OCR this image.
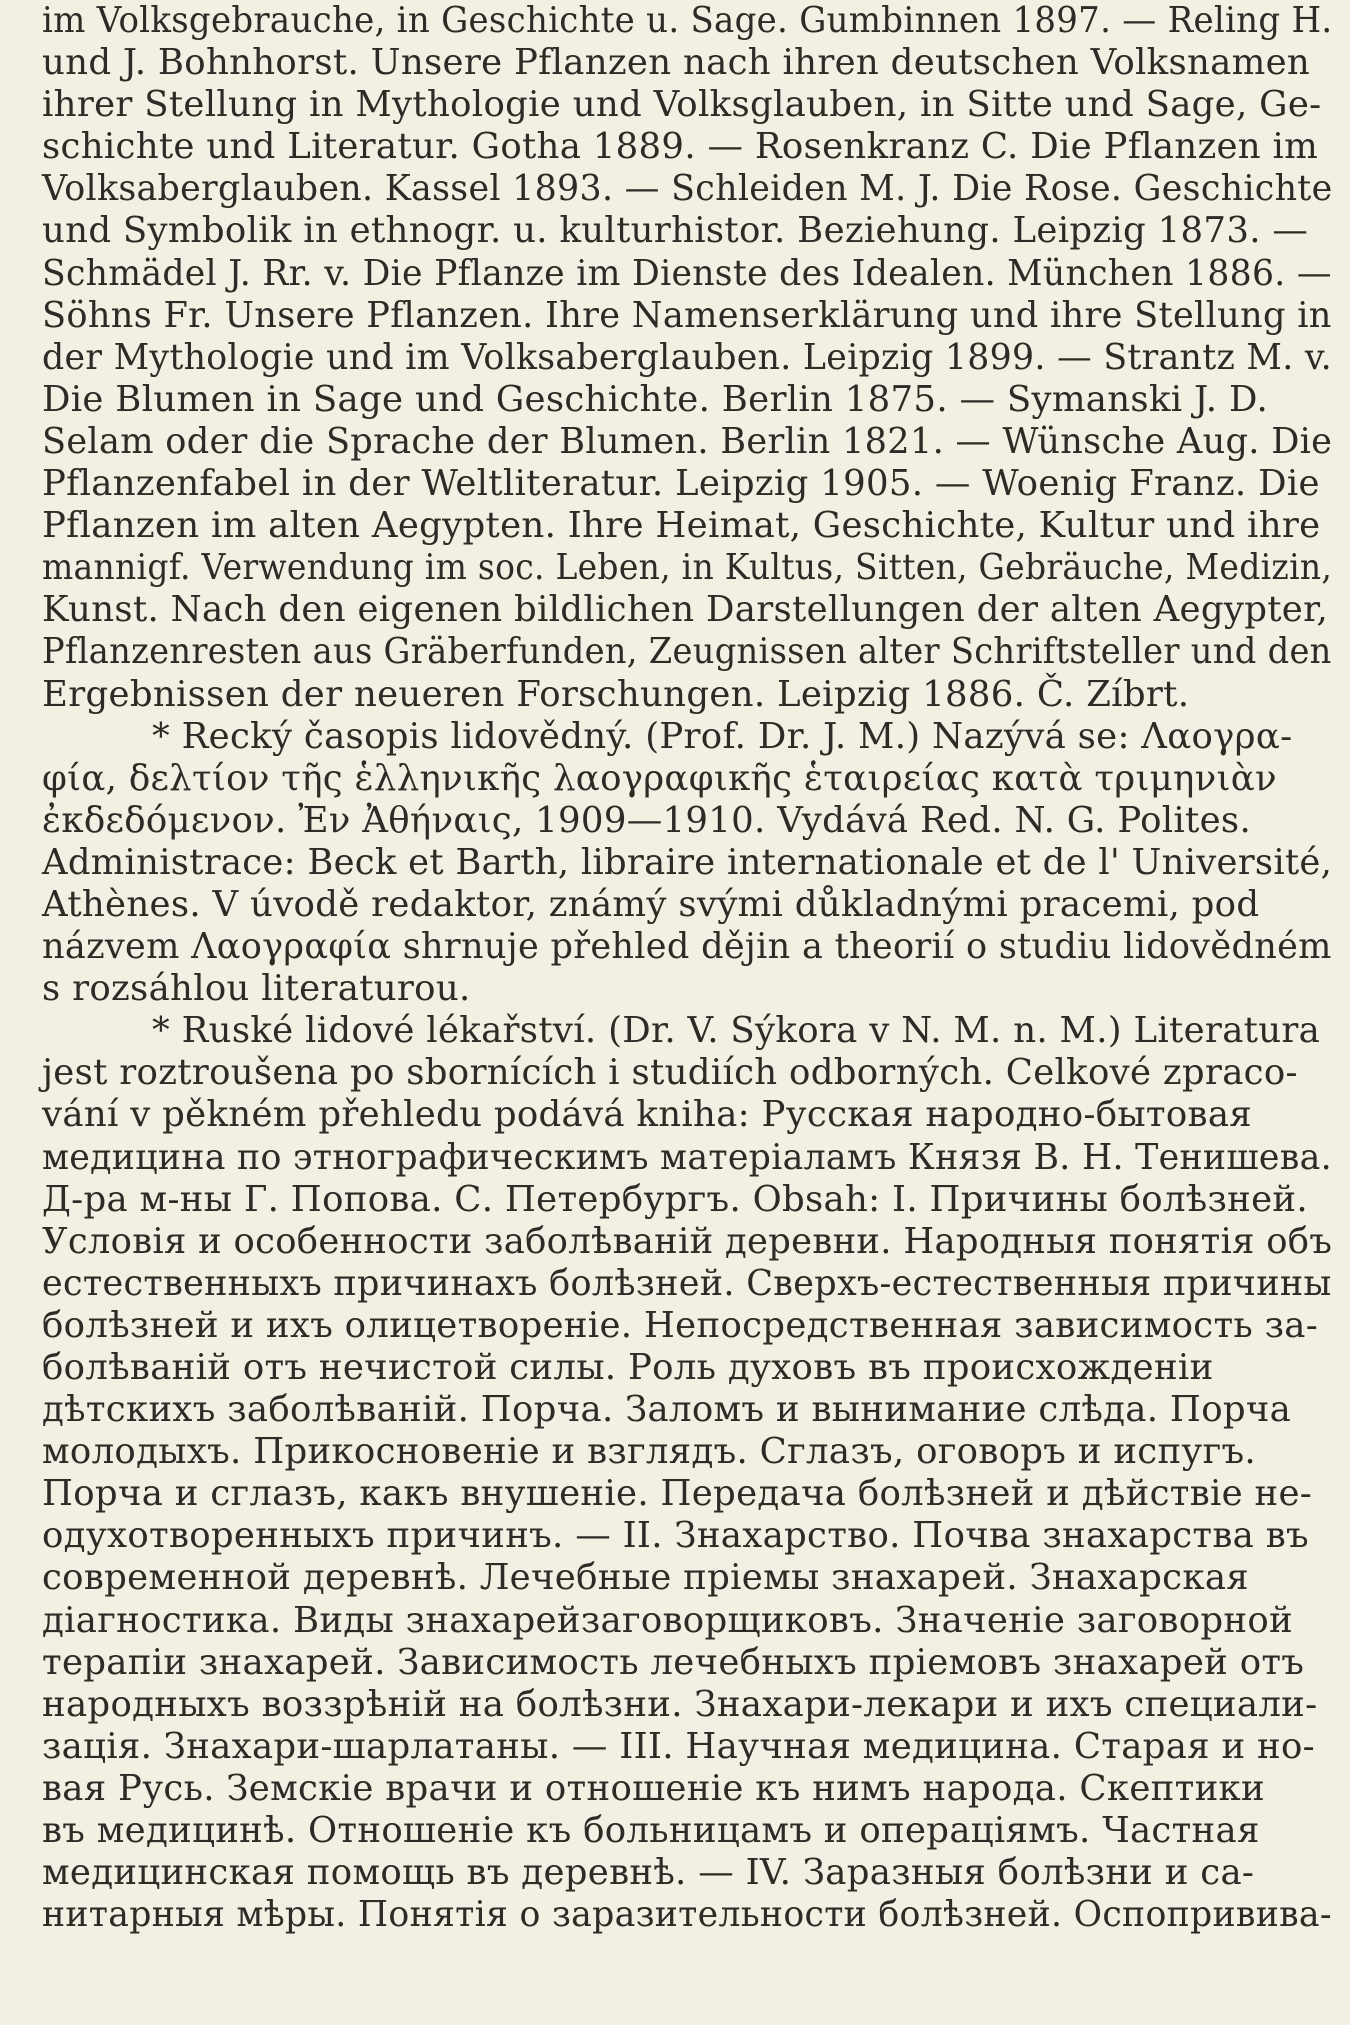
im Volksgebrauche, in Geschichte u. Sage. Gumbinnen 1897. — Reling H.
und J. Bohnhorst. Unsere Pflanzen nach ihren deutschen Volksnamen
ihrer Stellung in Mythologie und Volksglauben, in Sitte und Sage, Ge-
schichte und Literatur. Gotha 1889. — Rosenkranz C. Die Pflanzen im
Volksaberglauben. Kassel 1893. — Schleiden M. J. Die Rose. Geschichte
und Symbolik in ethnogr. u. kulturhistor. Beziehung. Leipzig 1873. —
Schmädel J. Rr. v. Die Pflanze im Dienste des Idealen. München 1886. —
Söhns Fr. Unsere Pflanzen. Ihre Namenserklärung und ihre Stellung in
der Mythologie und im Volksaberglauben. Leipzig 1899. — Strantz M. v.
Die Blumen in Sage und Geschichte. Berlin 1875. — Symanski J. D.
Selam oder die Sprache der Blumen. Berlin 1821. — Wünsche Aug. Die
Pflanzenfabel in der Weltliteratur. Leipzig 1905. — Woenig Franz. Die
Pflanzen im alten Aegypten. Ihre Heimat, Geschichte, Kultur und ihre
mannigf. Verwendung im soc. Leben, in Kultus, Sitten, Gebräuche, Medizin,
Kunst. Nach den eigenen bildlichen Darstellungen der alten Aegypter,
Pflanzenresten aus Gräberfunden, Zeugnissen alter Schriftsteller und den
Ergebnissen der neueren Forschungen. Leipzig 1886. Č. Zíbrt.
* Recký časopis lidovědný. (Prof. Dr. J. M.) Nazývá se: Λαογρα-
φία, δελτίον τῆς ἑλληνικῆς λαογραφικῆς ἑταιρείας κατὰ τριμηνιὰν
ἐκδεδόμενον. Ἐν Ἀθήναις, 1909—1910. Vydává Red. N. G. Polites.
Administrace: Beck et Barth, libraire internationale et de l' Université,
Athènes. V úvodě redaktor, známý svými důkladnými pracemi, pod
názvem Λαογραφία shrnuje přehled dějin a theorií o studiu lidovědném
s rozsáhlou literaturou.
* Ruské lidové lékařství. (Dr. V. Sýkora v N. M. n. M.) Literatura
jest roztroušena po sbornících i studiích odborných. Celkové zpraco-
vání v pěkném přehledu podává kniha: Русская народно-бытовая
медицина по этнографическимъ матеріаламъ Князя В. Н. Тенишева.
Д-ра м-ны Г. Попова. С. Петербургъ. Obsah: I. Причины болѣзней.
Условія и особенности заболѣваній деревни. Народныя понятія объ
естественныхъ причинахъ болѣзней. Сверхъ-естественныя причины
болѣзней и ихъ олицетвореніе. Непосредственная зависимость за-
болѣваній отъ нечистой силы. Роль духовъ въ происхожденіи
дѣтскихъ заболѣваній. Порча. Заломъ и вынимание слѣда. Порча
молодыхъ. Прикосновеніе и взглядъ. Сглазъ, оговоръ и испугъ.
Порча и сглазъ, какъ внушеніе. Передача болѣзней и дѣйствіе не-
одухотворенныхъ причинъ. — II. Знахарство. Почва знахарства въ
современной деревнѣ. Лечебные пріемы знахарей. Знахарская
діагностика. Виды знахарейзаговорщиковъ. Значеніе заговорной
терапіи знахарей. Зависимость лечебныхъ пріемовъ знахарей отъ
народныхъ воззрѣній на болѣзни. Знахари-лекари и ихъ специали-
зація. Знахари-шарлатаны. — III. Научная медицина. Старая и но-
вая Русь. Земскіе врачи и отношеніе къ нимъ народа. Скептики
въ медицинѣ. Отношеніе къ больницамъ и операціямъ. Частная
медицинская помощь въ деревнѣ. — IV. Заразныя болѣзни и са-
нитарныя мѣры. Понятія о заразительности болѣзней. Оспопривива-
